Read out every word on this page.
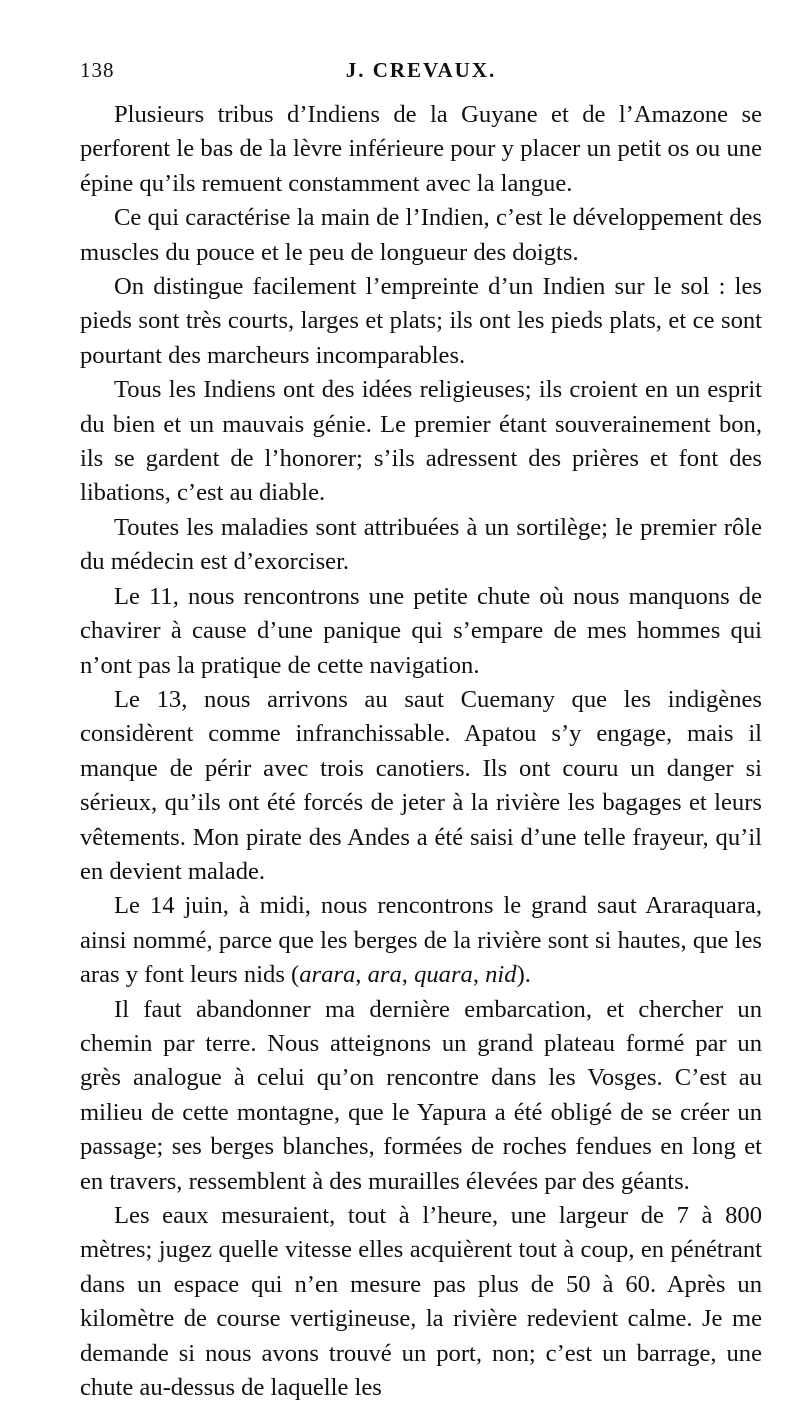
138	J. CREVAUX.

Plusieurs tribus d’Indiens de la Guyane et de l’Amazone se perforent le bas de la lèvre inférieure pour y placer un petit os ou une épine qu’ils remuent constamment avec la langue.

Ce qui caractérise la main de l’Indien, c’est le développement des muscles du pouce et le peu de longueur des doigts.

On distingue facilement l’empreinte d’un Indien sur le sol : les pieds sont très courts, larges et plats; ils ont les pieds plats, et ce sont pourtant des marcheurs incomparables.

Tous les Indiens ont des idées religieuses; ils croient en un esprit du bien et un mauvais génie. Le premier étant souverainement bon, ils se gardent de l’honorer; s’ils adressent des prières et font des libations, c’est au diable.

Toutes les maladies sont attribuées à un sortilège; le premier rôle du médecin est d’exorciser.

Le 11, nous rencontrons une petite chute où nous manquons de chavirer à cause d’une panique qui s’empare de mes hommes qui n’ont pas la pratique de cette navigation.

Le 13, nous arrivons au saut Cuemany que les indigènes considèrent comme infranchissable. Apatou s’y engage, mais il manque de périr avec trois canotiers. Ils ont couru un danger si sérieux, qu’ils ont été forcés de jeter à la rivière les bagages et leurs vêtements. Mon pirate des Andes a été saisi d’une telle frayeur, qu’il en devient malade.

Le 14 juin, à midi, nous rencontrons le grand saut Araraquara, ainsi nommé, parce que les berges de la rivière sont si hautes, que les aras y font leurs nids (arara, ara, quara, nid).

Il faut abandonner ma dernière embarcation, et chercher un chemin par terre. Nous atteignons un grand plateau formé par un grès analogue à celui qu’on rencontre dans les Vosges. C’est au milieu de cette montagne, que le Yapura a été obligé de se créer un passage; ses berges blanches, formées de roches fendues en long et en travers, ressemblent à des murailles élevées par des géants.

Les eaux mesuraient, tout à l’heure, une largeur de 7 à 800 mètres; jugez quelle vitesse elles acquièrent tout à coup, en pénétrant dans un espace qui n’en mesure pas plus de 50 à 60. Après un kilomètre de course vertigineuse, la rivière redevient calme. Je me demande si nous avons trouvé un port, non; c’est un barrage, une chute au-dessus de laquelle les
